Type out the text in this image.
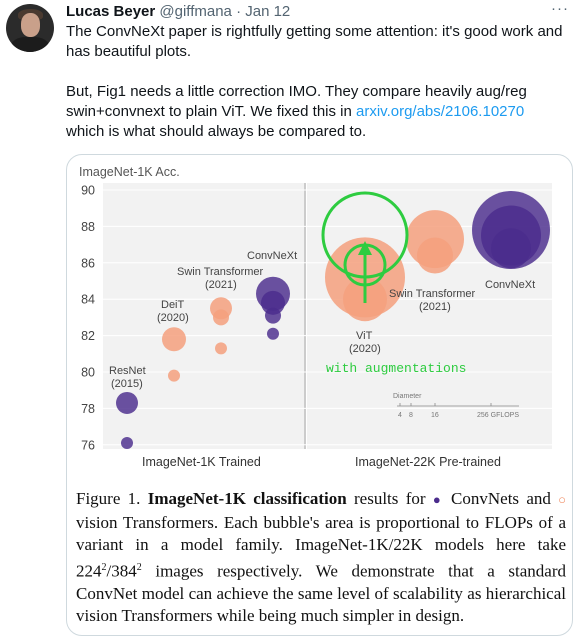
Lucas Beyer @giffmana · Jan 12	···
The ConvNeXt paper is rightfully getting some attention: it's good work and
has beautiful plots.
But, Fig1 needs a little correction IMO. They compare heavily aug/reg
swin+convnext to plain ViT. We fixed this in arxiv.org/abs/2106.10270
which is what should always be compared to.
ImageNet-1K Acc.
90
88
86
84
82
80
78
76
ResNet
(2015)
DeiT
(2020)
Swin Transformer
(2021)
ConvNeXt
ViT
(2020)
Swin Transformer
(2021)
ConvNeXt
with augmentations
Diameter
4 8	16	256 GFLOPS
ImageNet-1K Trained	ImageNet-22K Pre-trained
Figure 1. ImageNet-1K classification results for ● ConvNets and ○ vision Transformers. Each bubble's area is proportional to FLOPs of a variant in a model family. ImageNet-1K/22K models here take $224^2/384^2$ images respectively. We demonstrate that a standard ConvNet model can achieve the same level of scalability as hierarchical vision Transformers while being much simpler in design.
